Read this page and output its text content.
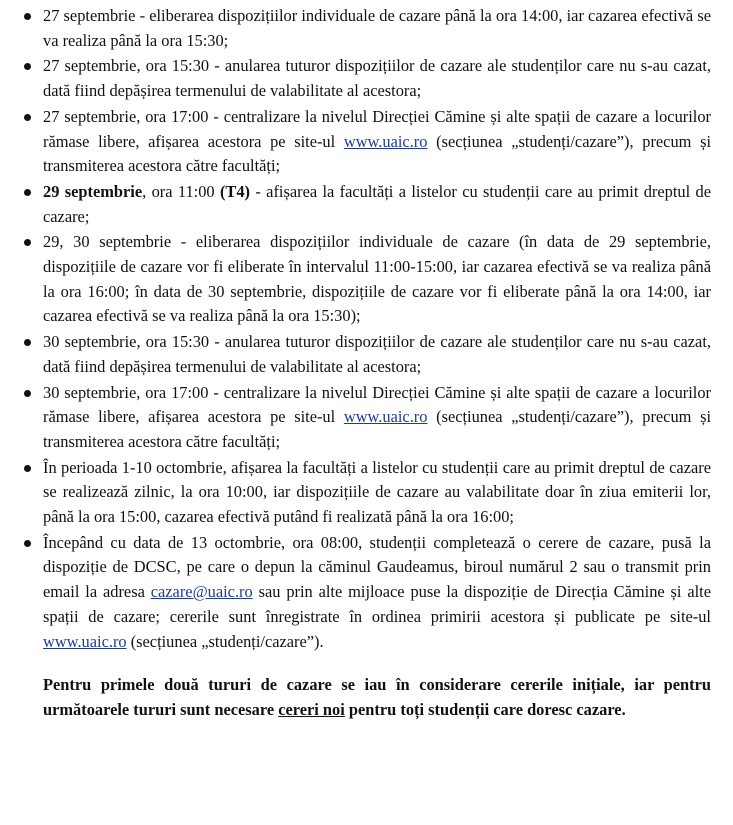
27 septembrie - eliberarea dispozițiilor individuale de cazare până la ora 14:00, iar cazarea efectivă se va realiza până la ora 15:30;
27 septembrie, ora 15:30 - anularea tuturor dispozițiilor de cazare ale studenților care nu s-au cazat, dată fiind depășirea termenului de valabilitate al acestora;
27 septembrie, ora 17:00 - centralizare la nivelul Direcției Cămine și alte spații de cazare a locurilor rămase libere, afișarea acestora pe site-ul www.uaic.ro (secțiunea „studenți/cazare”), precum și transmiterea acestora către facultăți;
29 septembrie, ora 11:00 (T4) - afișarea la facultăți a listelor cu studenții care au primit dreptul de cazare;
29, 30 septembrie - eliberarea dispozițiilor individuale de cazare (în data de 29 septembrie, dispozițiile de cazare vor fi eliberate în intervalul 11:00-15:00, iar cazarea efectivă se va realiza până la ora 16:00; în data de 30 septembrie, dispozițiile de cazare vor fi eliberate până la ora 14:00, iar cazarea efectivă se va realiza până la ora 15:30);
30 septembrie, ora 15:30 - anularea tuturor dispozițiilor de cazare ale studenților care nu s-au cazat, dată fiind depășirea termenului de valabilitate al acestora;
30 septembrie, ora 17:00 - centralizare la nivelul Direcției Cămine și alte spații de cazare a locurilor rămase libere, afișarea acestora pe site-ul www.uaic.ro (secțiunea „studenți/cazare”), precum și transmiterea acestora către facultăți;
În perioada 1-10 octombrie, afișarea la facultăți a listelor cu studenții care au primit dreptul de cazare se realizează zilnic, la ora 10:00, iar dispozițiile de cazare au valabilitate doar în ziua emiterii lor, până la ora 15:00, cazarea efectivă putând fi realizată până la ora 16:00;
Începând cu data de 13 octombrie, ora 08:00, studenții completează o cerere de cazare, pusă la dispoziție de DCSC, pe care o depun la căminul Gaudeamus, biroul numărul 2 sau o transmit prin email la adresa cazare@uaic.ro sau prin alte mijloace puse la dispoziție de Direcția Cămine și alte spații de cazare; cererile sunt înregistrate în ordinea primirii acestora și publicate pe site-ul www.uaic.ro (secțiunea „studenți/cazare”).

Pentru primele două tururi de cazare se iau în considerare cererile inițiale, iar pentru următoarele tururi sunt necesare cereri noi pentru toți studenții care doresc cazare.
